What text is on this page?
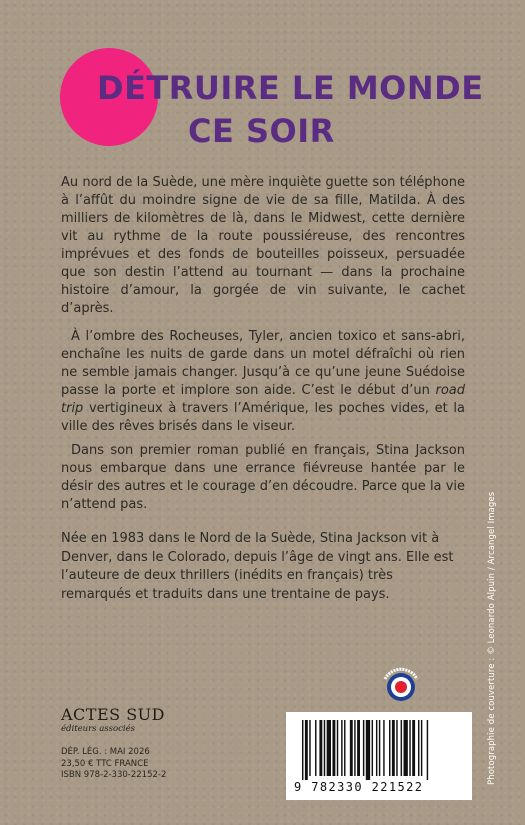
DÉTRUIRE LE MONDE
CE SOIR

Au nord de la Suède, une mère inquiète guette son téléphone à l’affût du moindre signe de vie de sa fille, Matilda. À des milliers de kilomètres de là, dans le Midwest, cette dernière vit au rythme de la route poussiéreuse, des rencontres imprévues et des fonds de bouteilles poisseux, persuadée que son destin l’attend au tournant — dans la prochaine histoire d’amour, la gorgée de vin suivante, le cachet d’après.

À l’ombre des Rocheuses, Tyler, ancien toxico et sans-abri, enchaîne les nuits de garde dans un motel défraîchi où rien ne semble jamais changer. Jusqu’à ce qu’une jeune Suédoise passe la porte et implore son aide. C’est le début d’un road trip vertigineux à travers l’Amérique, les poches vides, et la ville des rêves brisés dans le viseur.

Dans son premier roman publié en français, Stina Jackson nous embarque dans une errance fiévreuse hantée par le désir des autres et le courage d’en découdre. Parce que la vie n’attend pas.

Née en 1983 dans le Nord de la Suède, Stina Jackson vit à Denver, dans le Colorado, depuis l’âge de vingt ans. Elle est l’auteure de deux thrillers (inédits en français) très remarqués et traduits dans une trentaine de pays.	Photographie de couverture : © Leonardo Alpuin / Arcangel Images
ACTES SUD
éditeurs associés
DÉP. LÉG. : MAI 2026
23,50 € TTC FRANCE
ISBN 978-2-330-22152-2
9 782330 221522
